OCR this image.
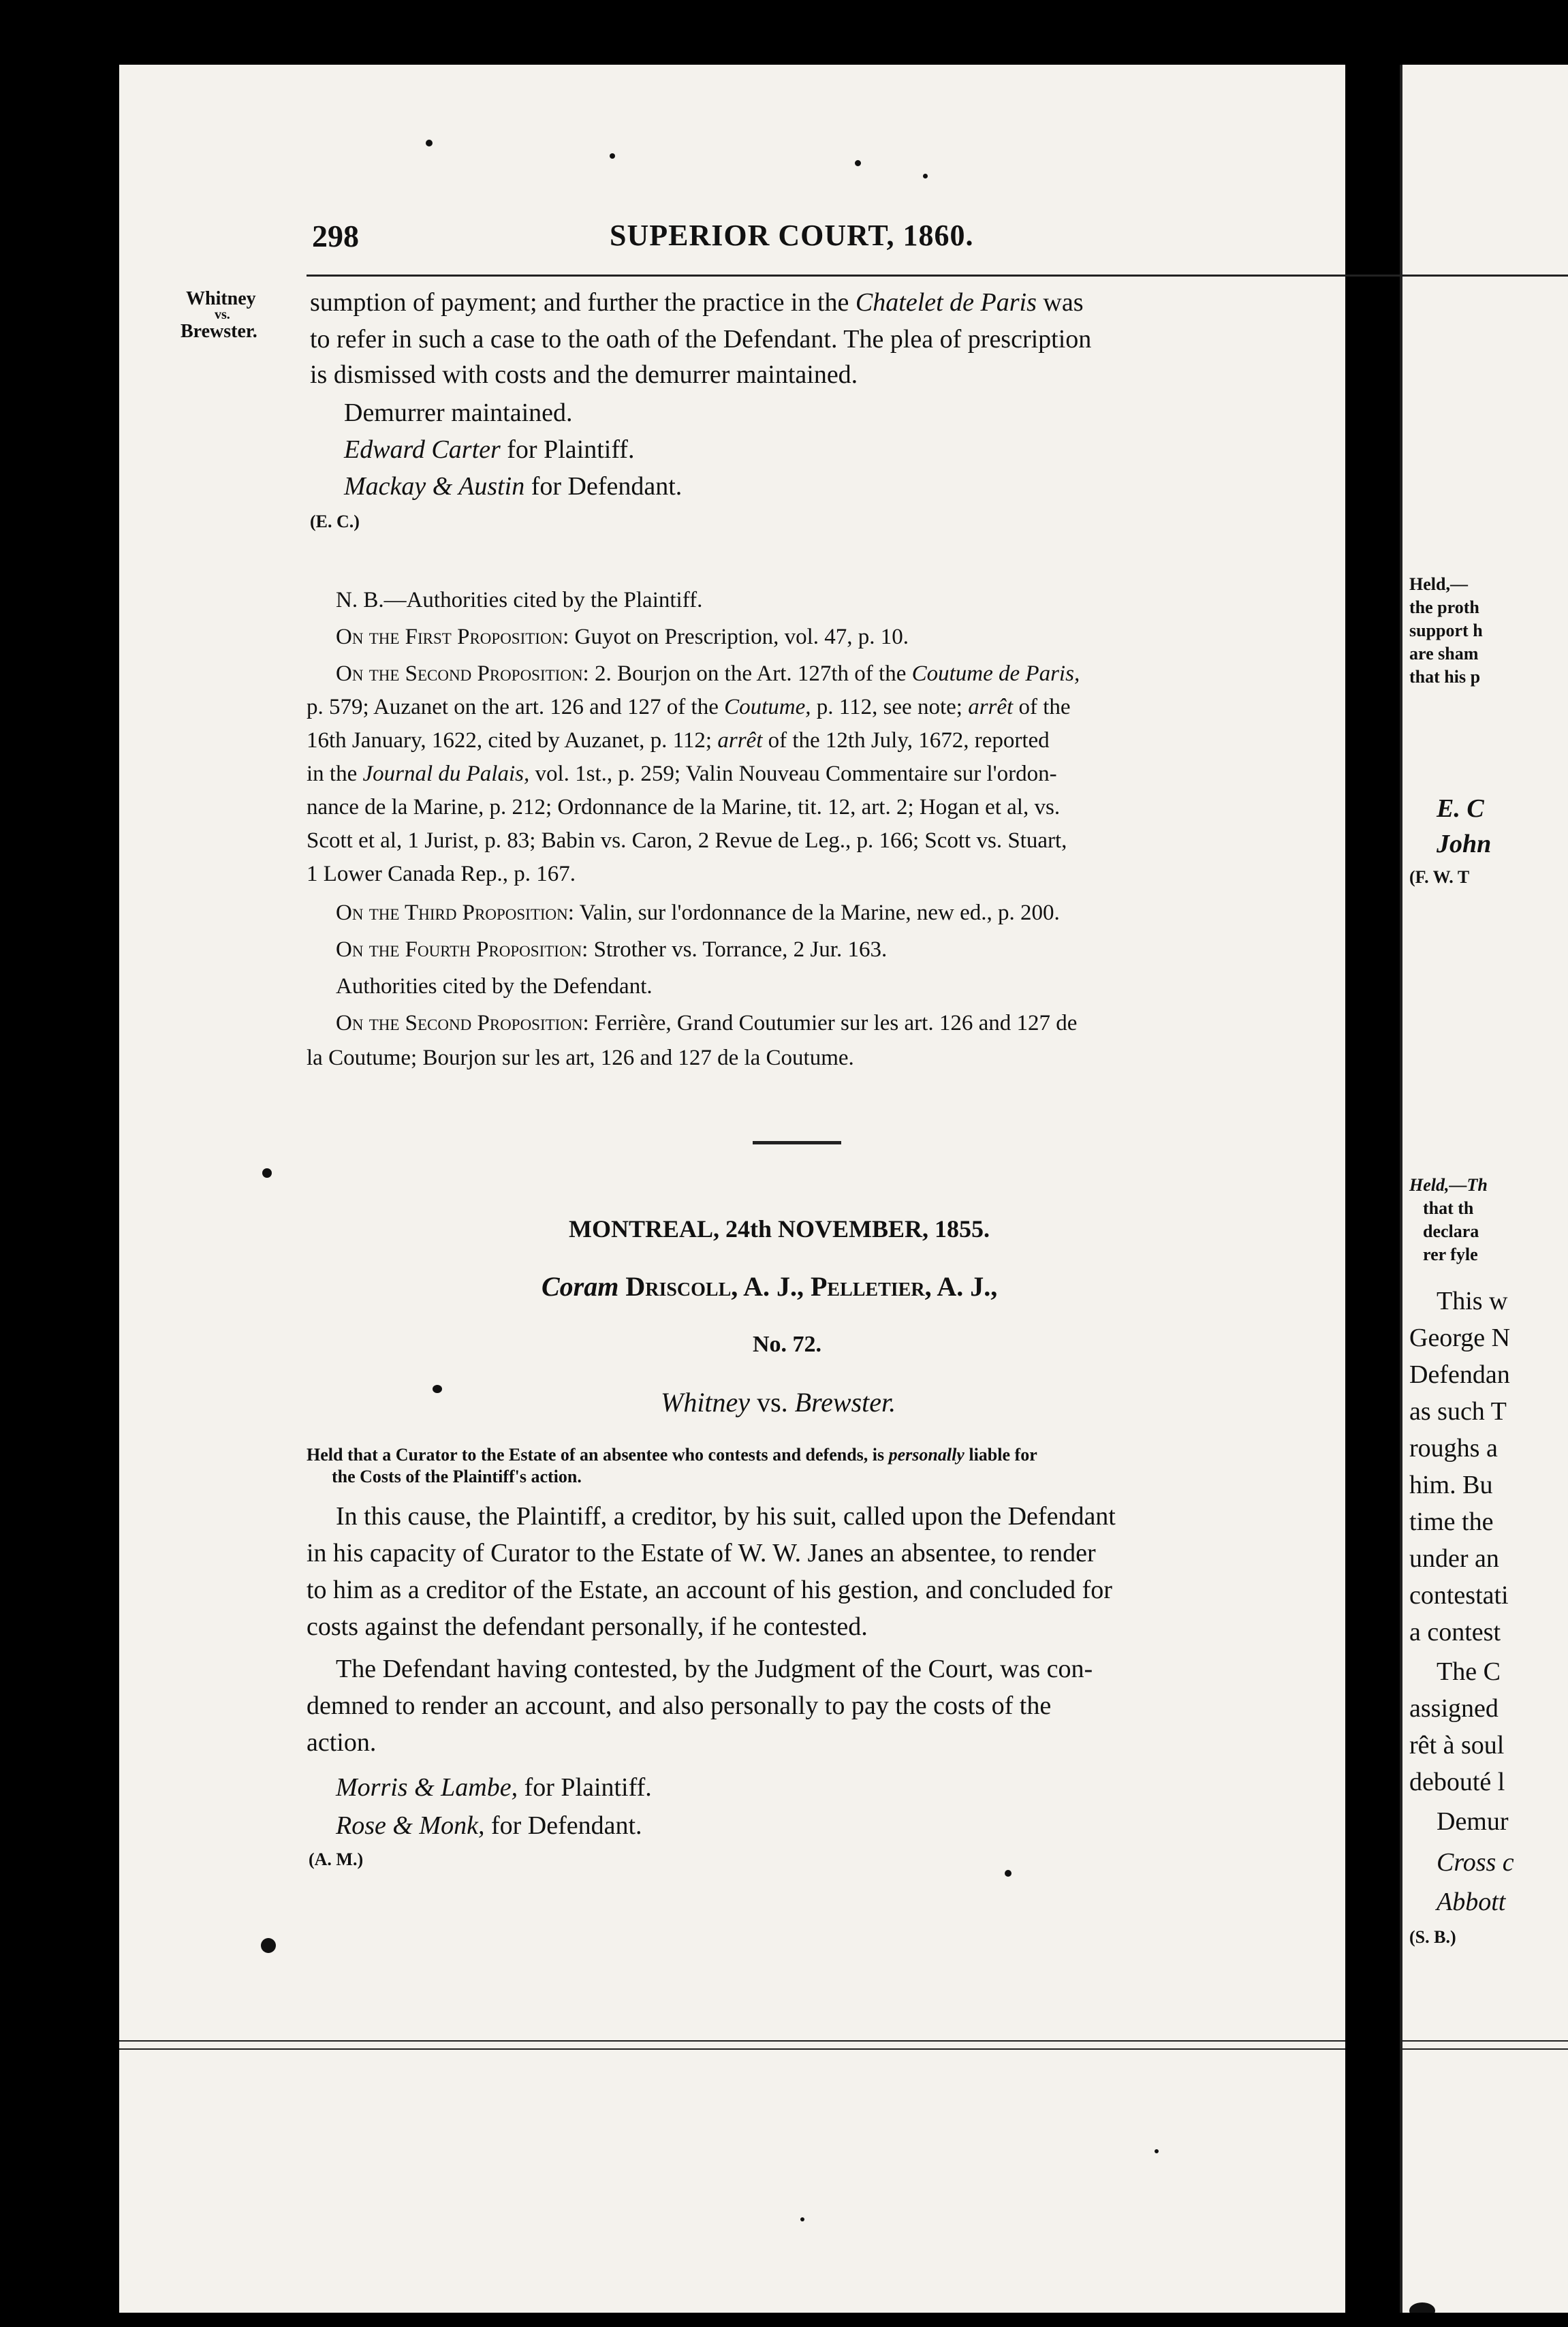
298	SUPERIOR COURT, 1860.
Whitney
vs.
Brewster.
sumption of payment; and further the practice in the Chatelet de Paris was
to refer in such a case to the oath of the Defendant. The plea of prescription
is dismissed with costs and the demurrer maintained.
Demurrer maintained.
Edward Carter for Plaintiff.
Mackay & Austin for Defendant.
(E. C.)
N. B.—Authorities cited by the Plaintiff.
On the First Proposition: Guyot on Prescription, vol. 47, p. 10.
On the Second Proposition: 2. Bourjon on the Art. 127th of the Coutume de Paris,
p. 579; Auzanet on the art. 126 and 127 of the Coutume, p. 112, see note; arrêt of the
16th January, 1622, cited by Auzanet, p. 112; arrêt of the 12th July, 1672, reported
in the Journal du Palais, vol. 1st., p. 259; Valin Nouveau Commentaire sur l'ordon-
nance de la Marine, p. 212; Ordonnance de la Marine, tit. 12, art. 2; Hogan et al, vs.
Scott et al, 1 Jurist, p. 83; Babin vs. Caron, 2 Revue de Leg., p. 166; Scott vs. Stuart,
1 Lower Canada Rep., p. 167.
On the Third Proposition: Valin, sur l'ordonnance de la Marine, new ed., p. 200.
On the Fourth Proposition: Strother vs. Torrance, 2 Jur. 163.
Authorities cited by the Defendant.
On the Second Proposition: Ferrière, Grand Coutumier sur les art. 126 and 127 de
la Coutume; Bourjon sur les art, 126 and 127 de la Coutume.
MONTREAL, 24th NOVEMBER, 1855.
Coram Driscoll, A. J., Pelletier, A. J.,
No. 72.
Whitney vs. Brewster.
Held that a Curator to the Estate of an absentee who contests and defends, is personally liable for
the Costs of the Plaintiff's action.
In this cause, the Plaintiff, a creditor, by his suit, called upon the Defendant
in his capacity of Curator to the Estate of W. W. Janes an absentee, to render
to him as a creditor of the Estate, an account of his gestion, and concluded for
costs against the defendant personally, if he contested.
The Defendant having contested, by the Judgment of the Court, was con-
demned to render an account, and also personally to pay the costs of the
action.
Morris & Lambe, for Plaintiff.
Rose & Monk, for Defendant.
(A. M.)
Held,—
the proth
support h
are sham
that his p
E. C
John
(F. W. T
Held,—Th
that th
declara
rer fyle
This w
George N
Defendan
as such T
roughs a
him. Bu
time the
under an
contestati
a contest
The C
assigned
rêt à soul
debouté l
Demur
Cross c
Abbott
(S. B.)
